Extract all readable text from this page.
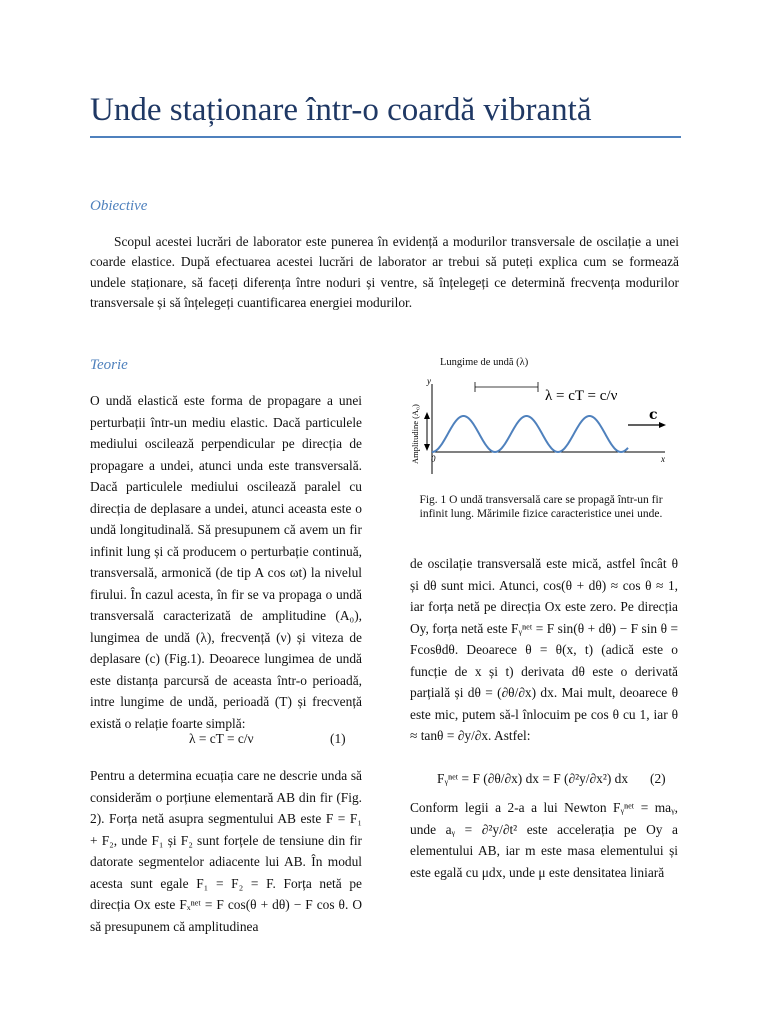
Unde staționare într-o coardă vibrantă
Obiective

Scopul acestei lucrări de laborator este punerea în evidență a modurilor transversale de oscilație a unei coarde elastice. După efectuarea acestei lucrări de laborator ar trebui să puteți explica cum se formează undele staționare, să faceți diferența între noduri și ventre, să înțelegeți ce determină frecvența modurilor transversale și să înțelegeți cuantificarea energiei modurilor.

Teorie

O undă elastică este forma de propagare a unei perturbații într-un mediu elastic. Dacă particulele mediului oscilează perpendicular pe direcția de propagare a undei, atunci unda este transversală. Dacă particulele mediului oscilează paralel cu direcția de deplasare a undei, atunci aceasta este o undă longitudinală. Să presupunem că avem un fir infinit lung și că producem o perturbație continuă, transversală, armonică (de tip A cos ωt) la nivelul firului. În cazul acesta, în fir se va propaga o undă transversală caracterizată de amplitudine (A₀), lungimea de undă (λ), frecvență (ν) și viteza de deplasare (c) (Fig.1). Deoarece lungimea de undă este distanța parcursă de aceasta într-o perioadă, intre lungime de undă, perioadă (T) și frecvență există o relație foarte simplă:

λ = cT = c/ν	(1)

Pentru a determina ecuația care ne descrie unda să considerăm o porțiune elementară AB din fir (Fig. 2). Forța netă asupra segmentului AB este F = F₁ + F₂, unde F₁ și F₂ sunt forțele de tensiune din fir datorate segmentelor adiacente lui AB. În modul acesta sunt egale F₁ = F₂ = F. Forța netă pe direcția Ox este Fₓⁿᵉᵗ = F cos(θ + dθ) − F cos θ. O să presupunem că amplitudinea

Lungime de undă (λ)
c
λ = cT = c/ν
y
x
0
Amplitudine (A₀)

Fig. 1 O undă transversală care se propagă într-un fir infinit lung. Mărimile fizice caracteristice unei unde.

de oscilație transversală este mică, astfel încât θ și dθ sunt mici. Atunci, cos(θ + dθ) ≈ cos θ ≈ 1, iar forța netă pe direcția Ox este zero. Pe direcția Oy, forța netă este Fᵧⁿᵉᵗ = F sin(θ + dθ) − F sin θ = Fcosθdθ. Deoarece θ = θ(x, t) (adică este o funcție de x și t) derivata dθ este o derivată parțială și dθ = (∂θ/∂x) dx. Mai mult, deoarece θ este mic, putem să-l înlocuim pe cos θ cu 1, iar θ ≈ tanθ = ∂y/∂x. Astfel:

Fᵧⁿᵉᵗ = F (∂θ/∂x) dx = F (∂²y/∂x²) dx (2)

Conform legii a 2-a a lui Newton Fᵧⁿᵉᵗ = maᵧ, unde aᵧ = ∂²y/∂t² este accelerația pe Oy a elementului AB, iar m este masa elementului și este egală cu μdx, unde μ este densitatea liniară
